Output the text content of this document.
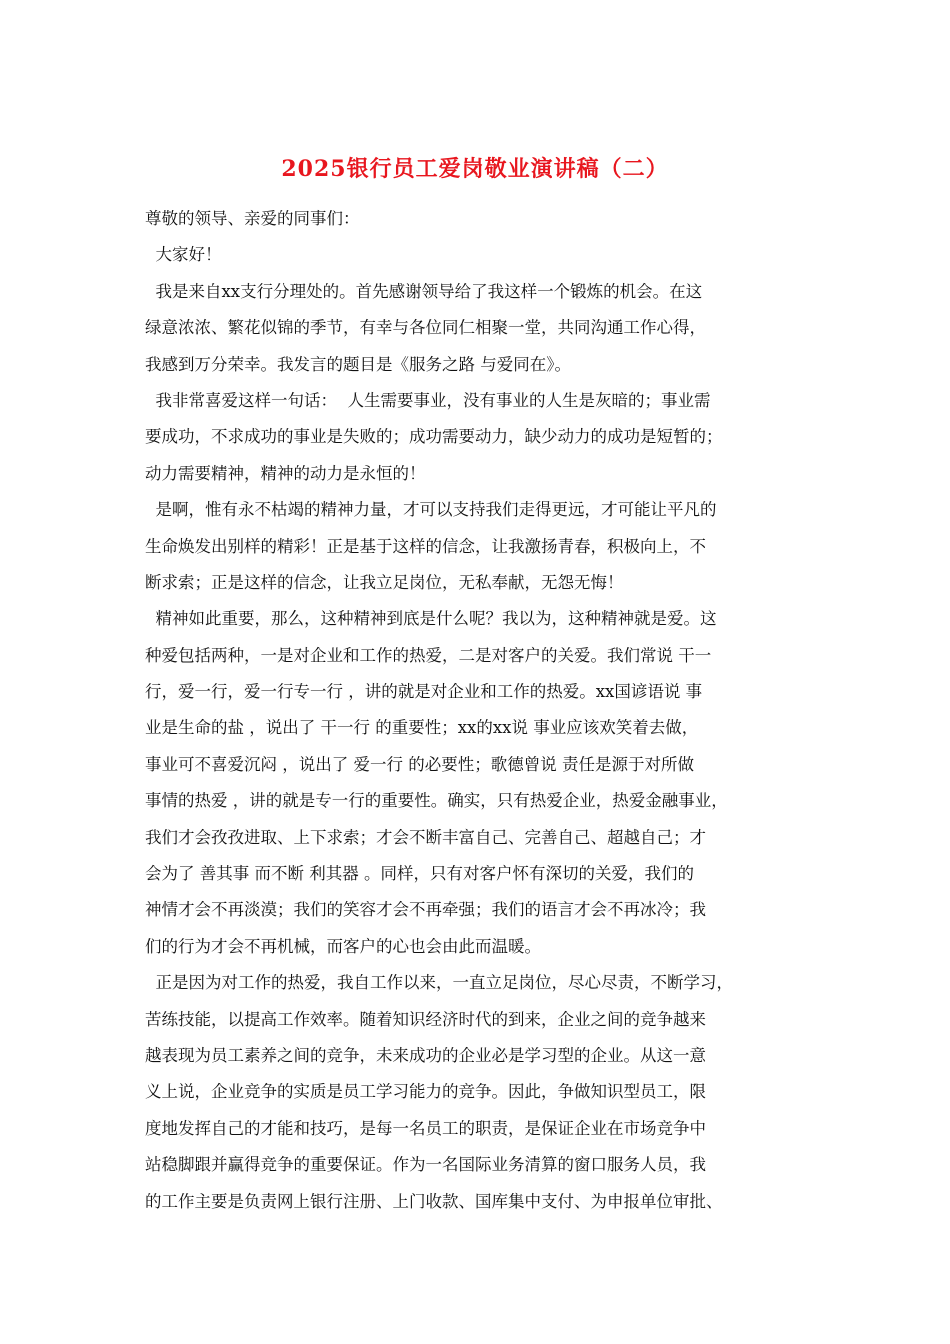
2025银行员工爱岗敬业演讲稿（二）
尊敬的领导、亲爱的同事们：
大家好！
我是来自xx支行分理处的。首先感谢领导给了我这样一个锻炼的机会。在这
绿意浓浓、繁花似锦的季节，有幸与各位同仁相聚一堂，共同沟通工作心得，
我感到万分荣幸。我发言的题目是《服务之路 与爱同在》。
我非常喜爱这样一句话：  人生需要事业，没有事业的人生是灰暗的；事业需
要成功，不求成功的事业是失败的；成功需要动力，缺少动力的成功是短暂的；
动力需要精神，精神的动力是永恒的！
是啊，惟有永不枯竭的精神力量，才可以支持我们走得更远，才可能让平凡的
生命焕发出别样的精彩！正是基于这样的信念，让我激扬青春，积极向上，不
断求索；正是这样的信念，让我立足岗位，无私奉献，无怨无悔！
精神如此重要，那么，这种精神到底是什么呢？我以为，这种精神就是爱。这
种爱包括两种，一是对企业和工作的热爱，二是对客户的关爱。我们常说 干一
行，爱一行，爱一行专一行 ，讲的就是对企业和工作的热爱。xx国谚语说 事
业是生命的盐 ，说出了 干一行 的重要性；xx的xx说 事业应该欢笑着去做，
事业可不喜爱沉闷 ，说出了 爱一行 的必要性；歌德曾说 责任是源于对所做
事情的热爱 ，讲的就是专一行的重要性。确实，只有热爱企业，热爱金融事业，
我们才会孜孜进取、上下求索；才会不断丰富自己、完善自己、超越自己；才
会为了 善其事 而不断 利其器 。同样，只有对客户怀有深切的关爱，我们的
神情才会不再淡漠；我们的笑容才会不再牵强；我们的语言才会不再冰冷；我
们的行为才会不再机械，而客户的心也会由此而温暖。
正是因为对工作的热爱，我自工作以来，一直立足岗位，尽心尽责，不断学习，
苦练技能，以提高工作效率。随着知识经济时代的到来，企业之间的竞争越来
越表现为员工素养之间的竞争，未来成功的企业必是学习型的企业。从这一意
义上说，企业竞争的实质是员工学习能力的竞争。因此，争做知识型员工，限
度地发挥自己的才能和技巧，是每一名员工的职责，是保证企业在市场竞争中
站稳脚跟并赢得竞争的重要保证。作为一名国际业务清算的窗口服务人员，我
的工作主要是负责网上银行注册、上门收款、国库集中支付、为申报单位审批、
